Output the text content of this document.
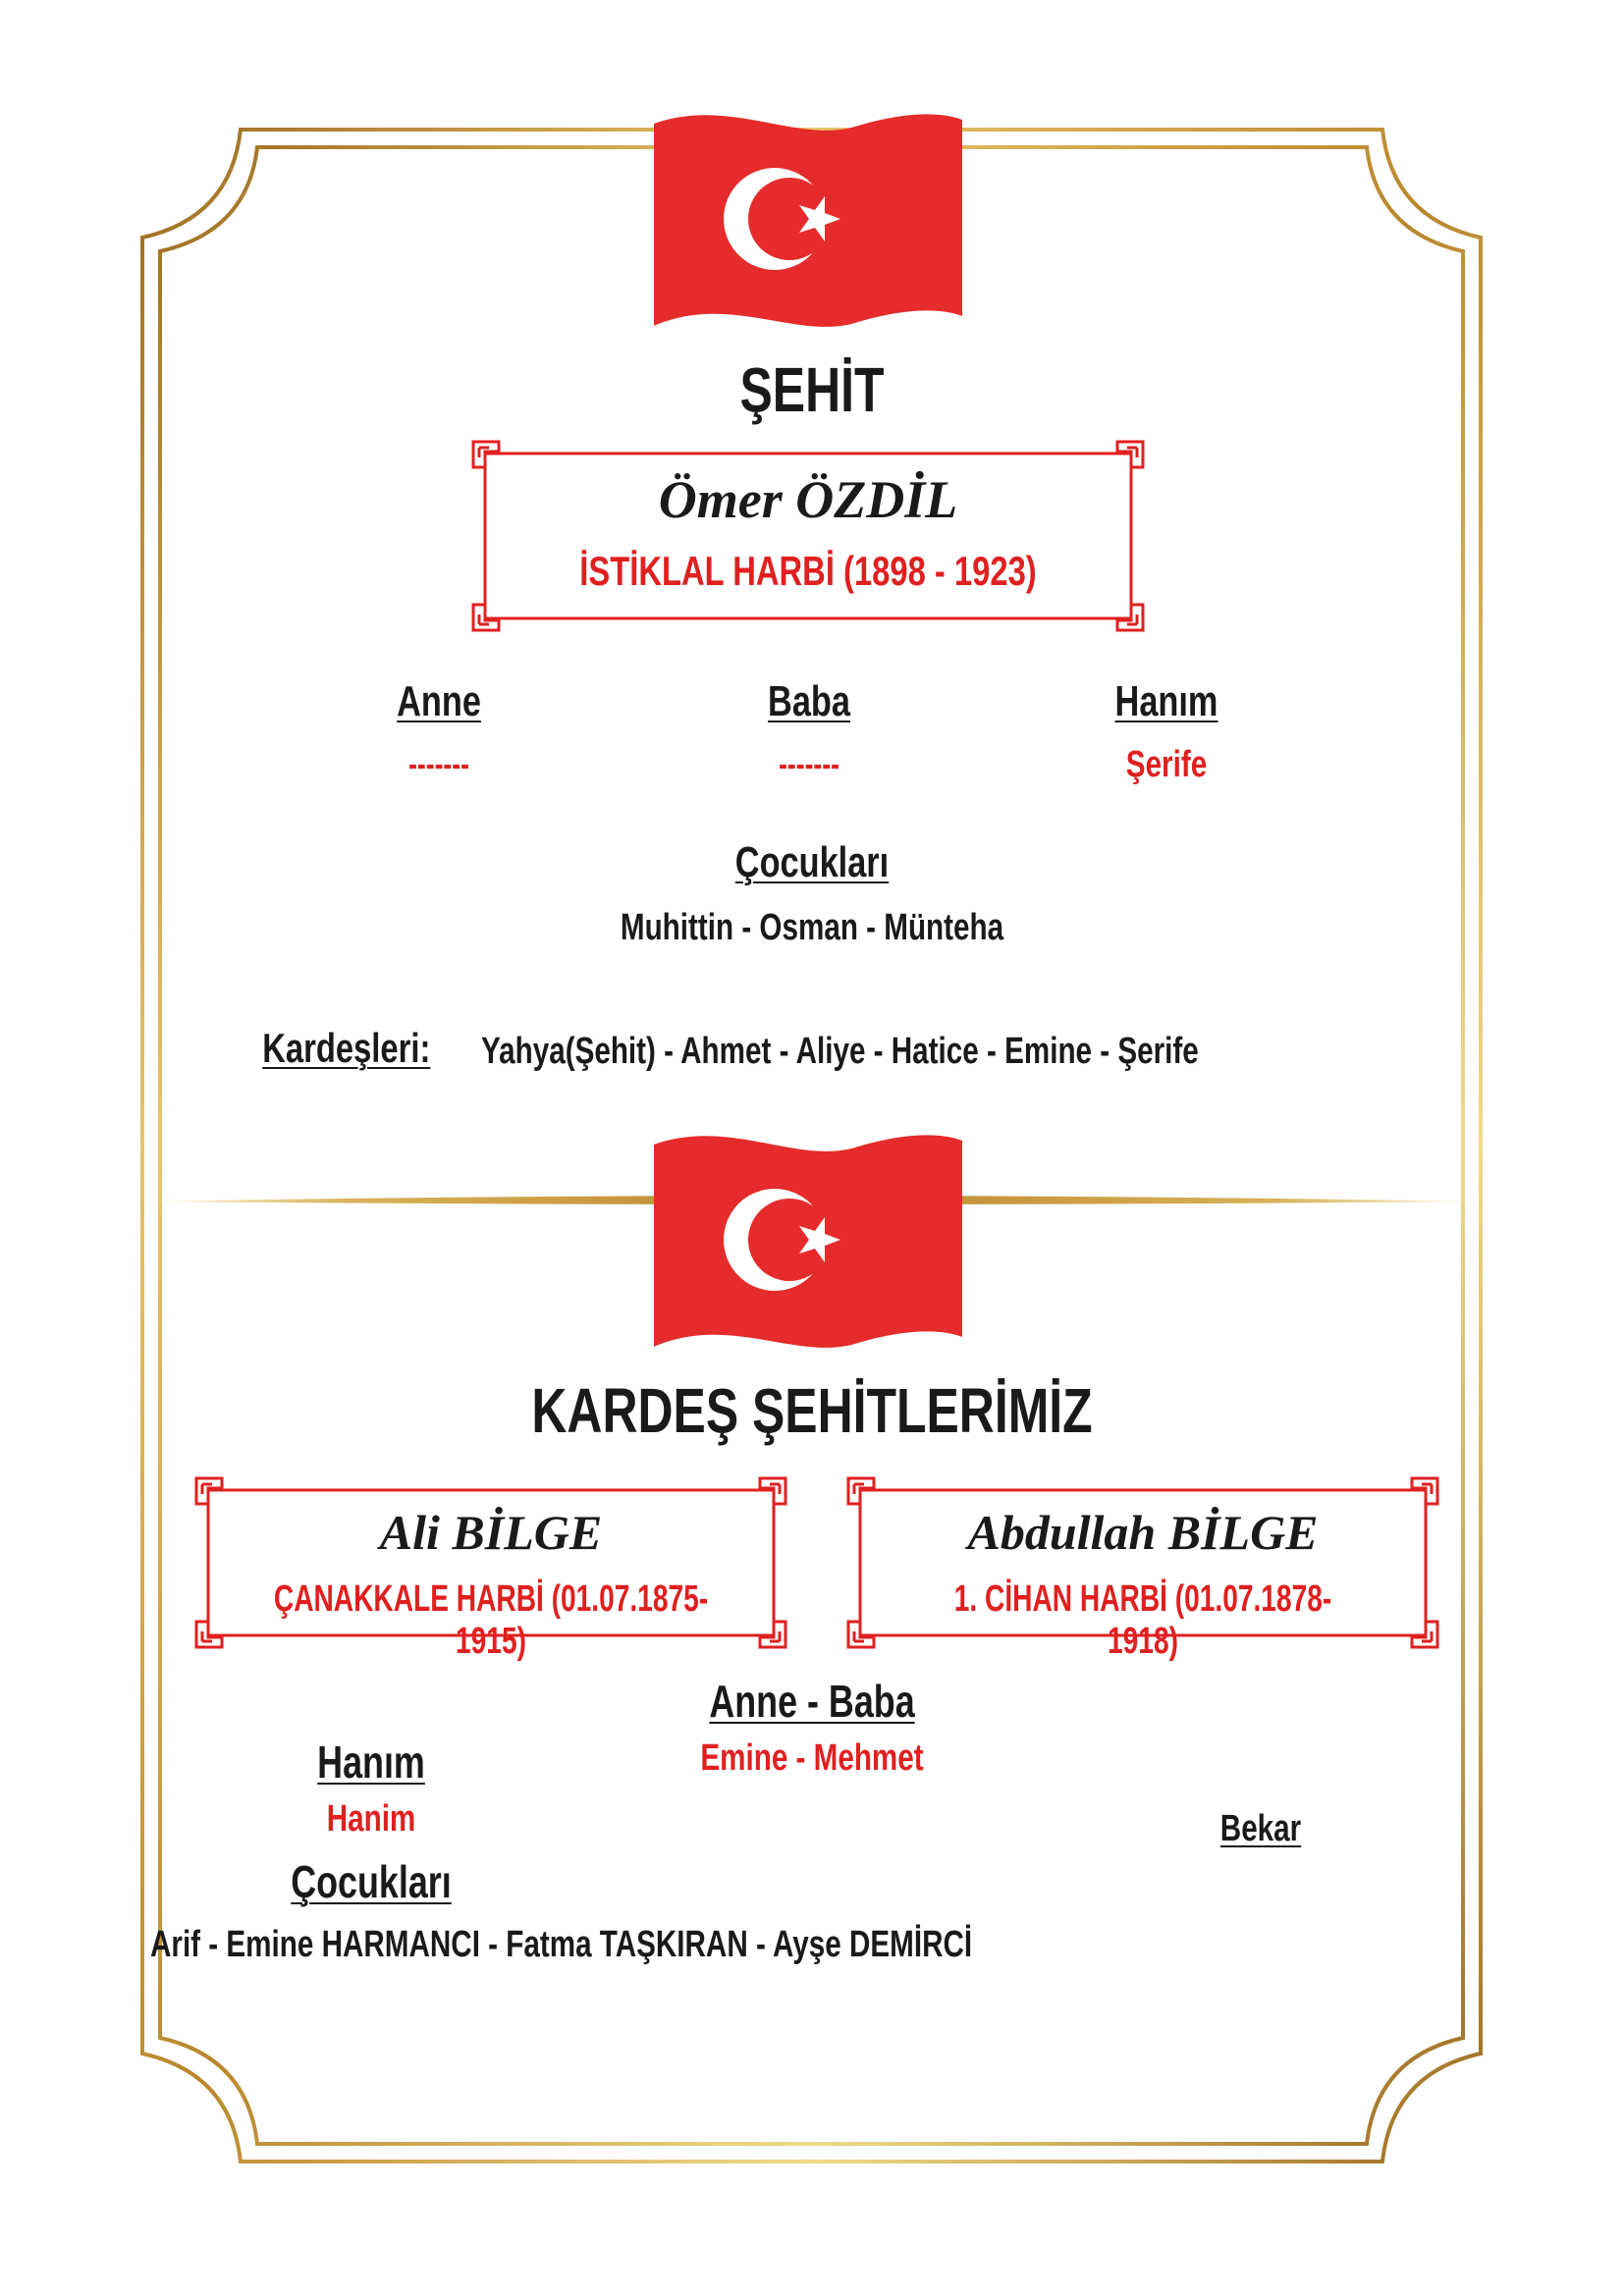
ŞEHİT
Ömer ÖZDİL
İSTİKLAL HARBİ (1898 - 1923)
Anne
-------
Baba
-------
Hanım
Şerife
Çocukları
Muhittin - Osman - Münteha
Kardeşleri: Yahya(Şehit) - Ahmet - Aliye - Hatice - Emine - Şerife
KARDEŞ ŞEHİTLERİMİZ
Ali BİLGE
ÇANAKKALE HARBİ (01.07.1875-1915)
Abdullah BİLGE
1. CİHAN HARBİ (01.07.1878-1918)
Anne - Baba
Emine - Mehmet
Hanım
Hanim
Çocukları
Arif - Emine HARMANCI - Fatma TAŞKIRAN - Ayşe DEMİRCİ
Bekar
